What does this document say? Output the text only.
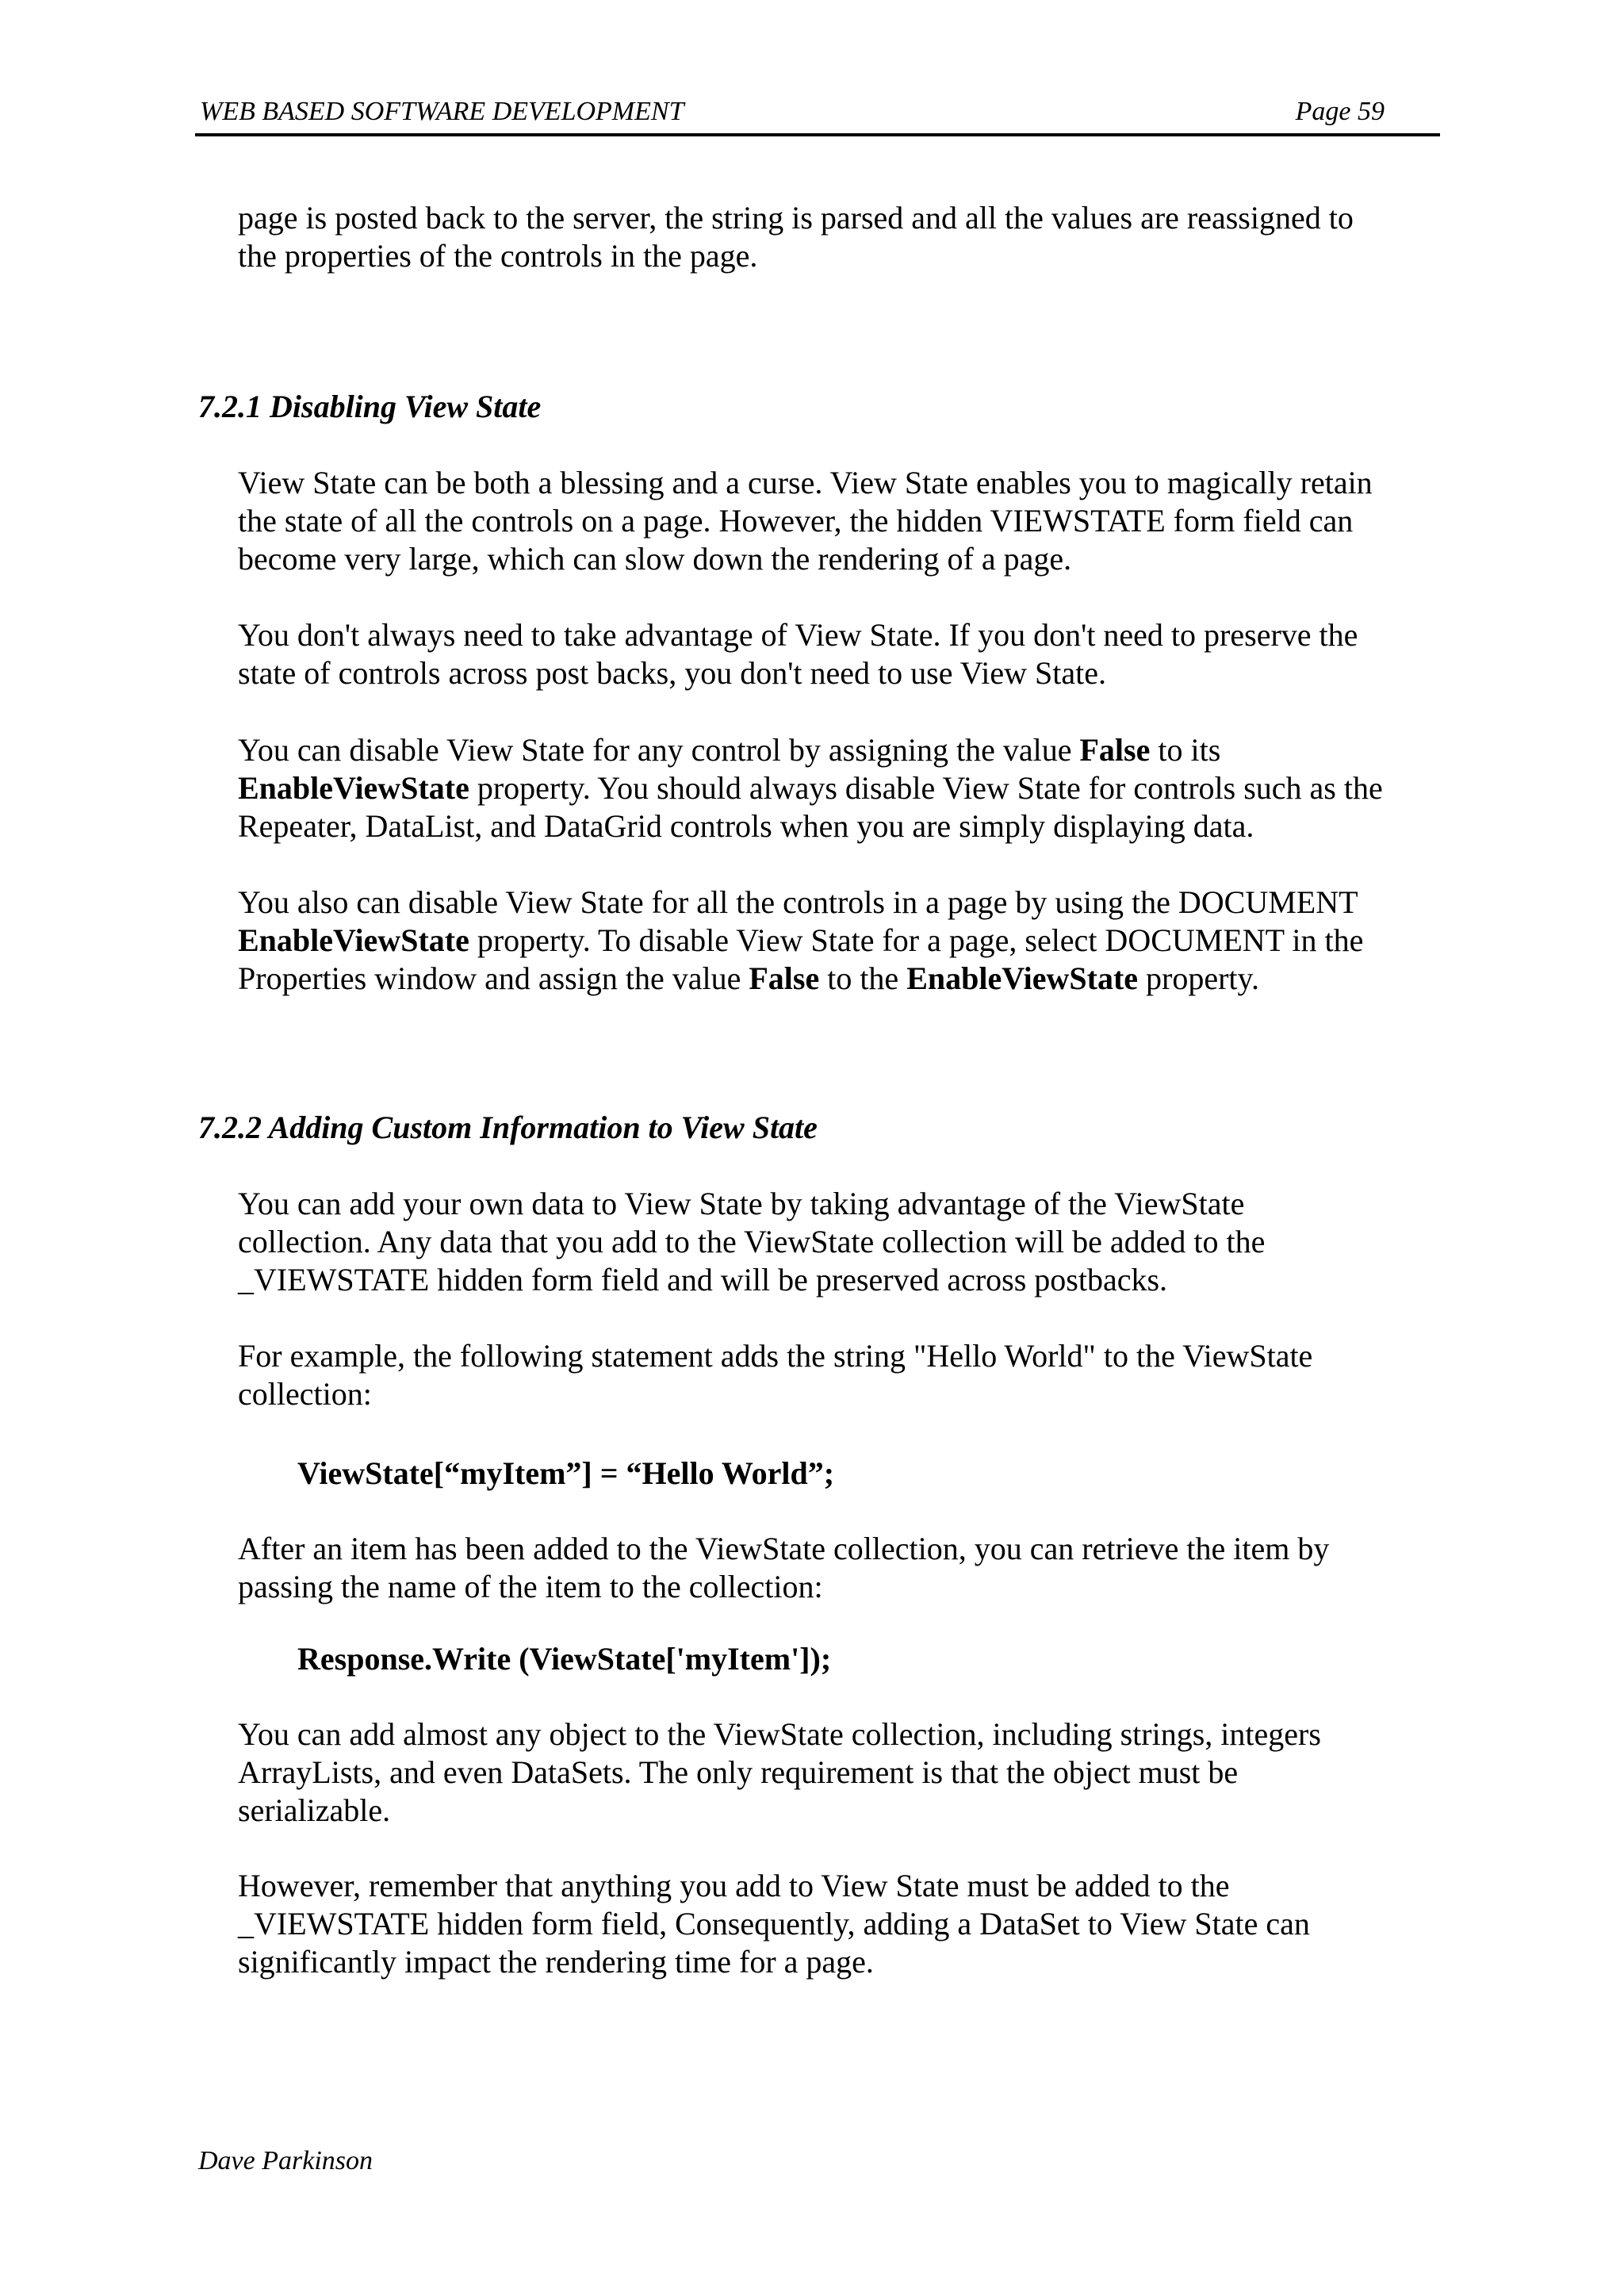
WEB BASED SOFTWARE DEVELOPMENT	Page 59

page is posted back to the server, the string is parsed and all the values are reassigned to
the properties of the controls in the page.

7.2.1 Disabling View State

View State can be both a blessing and a curse. View State enables you to magically retain
the state of all the controls on a page. However, the hidden VIEWSTATE form field can
become very large, which can slow down the rendering of a page.

You don't always need to take advantage of View State. If you don't need to preserve the
state of controls across post backs, you don't need to use View State.

You can disable View State for any control by assigning the value False to its
EnableViewState property. You should always disable View State for controls such as the
Repeater, DataList, and DataGrid controls when you are simply displaying data.

You also can disable View State for all the controls in a page by using the DOCUMENT
EnableViewState property. To disable View State for a page, select DOCUMENT in the
Properties window and assign the value False to the EnableViewState property.

7.2.2 Adding Custom Information to View State

You can add your own data to View State by taking advantage of the ViewState
collection. Any data that you add to the ViewState collection will be added to the
_VIEWSTATE hidden form field and will be preserved across postbacks.

For example, the following statement adds the string "Hello World" to the ViewState
collection:

ViewState[“myItem”] = “Hello World”;

After an item has been added to the ViewState collection, you can retrieve the item by
passing the name of the item to the collection:

Response.Write (ViewState['myItem']);

You can add almost any object to the ViewState collection, including strings, integers
ArrayLists, and even DataSets. The only requirement is that the object must be
serializable.

However, remember that anything you add to View State must be added to the
_VIEWSTATE hidden form field, Consequently, adding a DataSet to View State can
significantly impact the rendering time for a page.

Dave Parkinson
